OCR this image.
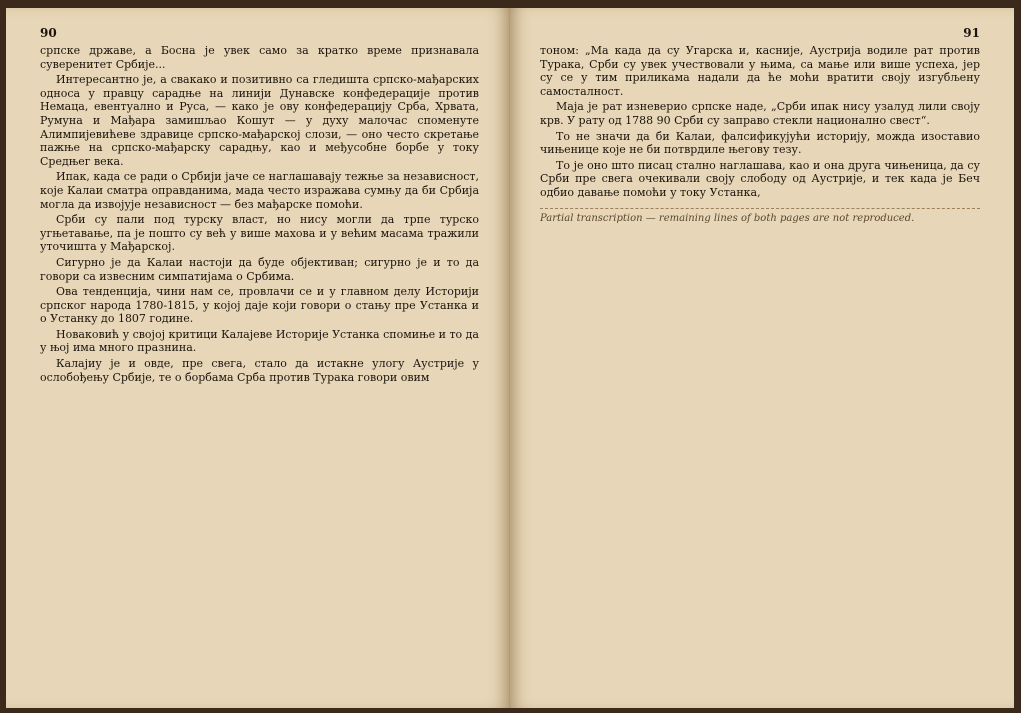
90

српске државе, а Босна је увек само за кратко време признавала суверенитет Србије...

Интересантно је, а свакако и позитивно са гледишта српско-мађарских односа у правцу сарадње на линији Дунавске конфедерације против Немаца, евентуално и Руса, — како је ову конфедерацију Срба, Хрвата, Румуна и Мађара замишљао Кошут — у духу малочас споменуте Алимпијевићеве здравице српско-мађарској слози, — оно често скретање пажње на српско-мађарску сарадњу, као и међусобне борбе у току Средњег века.

Ипак, када се ради о Србији јаче се наглашавају тежње за независност, које Калаи сматра оправданима, мада често изражава сумњу да би Србија могла да извојује независност — без мађарске помоћи.

Срби су пали под турску власт, но нису могли да трпе турско угњетавање, па је пошто су већ у више махова и у већим масама тражили уточишта у Мађарској.

Сигурно је да Калаи настоји да буде објективан; сигурно је и то да говори са извесним симпатијама о Србима.

Ова тенденција, чини нам се, провлачи се и у главном делу Историји српског народа 1780-1815, у којој даје који говори о стању пре Устанка и о Устанку до 1807 године.

Новаковић у својој критици Калајеве Историје Устанка спомиње и то да у њој има много празнина.

Калајиу је и овде, пре свега, стало да истакне улогу Аустрије у ослобођењу Србије, те о борбама Срба против Турака говори овим

91

тоном: „Ма када да су Угарска и, касније, Аустрија водиле рат против Турака, Срби су увек учествовали у њима, са мање или више успеха, јер су се у тим приликама надали да ће моћи вратити своју изгубљену самосталност.

Маја је рат изневерио српске наде, „Срби ипак нису узалуд лили своју крв. У рату од 1788 90 Срби су заправо стекли национално свест“.

То не значи да би Калаи, фалсификујући историју, можда изоставио чињенице које не би потврдиле његову тезу.

То је оно што писац стално наглашава, као и она друга чињеница, да су Срби пре свега очекивали своју слободу од Аустрије, и тек када је Беч одбио давање помоћи у току Устанка,

Partial transcription — remaining lines of both pages are not reproduced.
